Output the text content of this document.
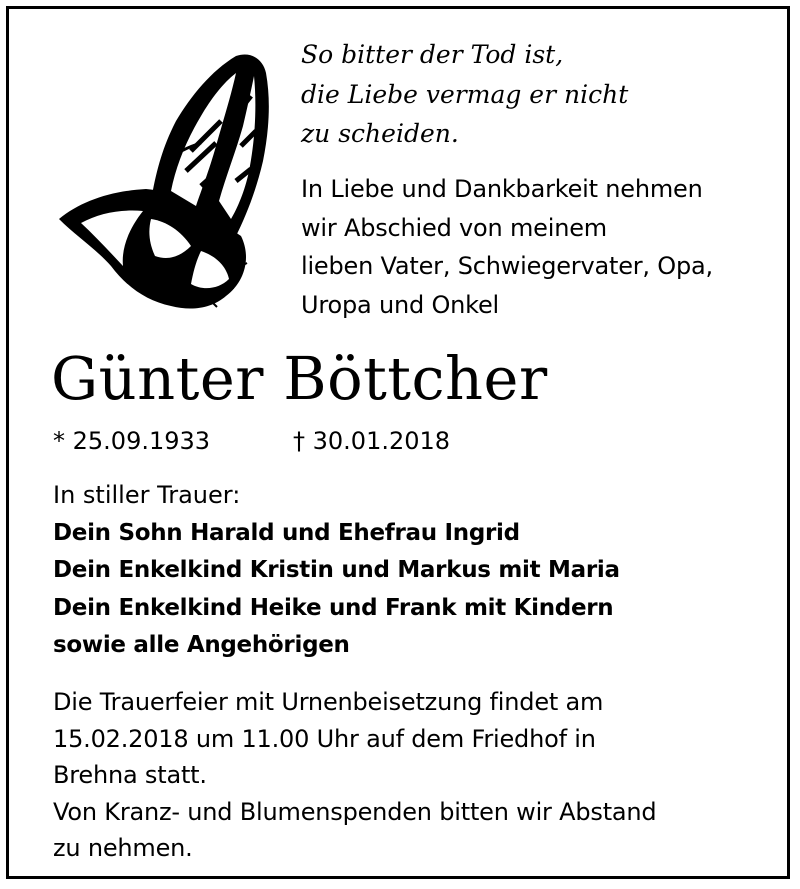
So bitter der Tod ist,
die Liebe vermag er nicht
zu scheiden.
In Liebe und Dankbarkeit nehmen
wir Abschied von meinem
lieben Vater, Schwiegervater, Opa,
Uropa und Onkel
Günter Böttcher
* 25.09.1933	† 30.01.2018
In stiller Trauer:
Dein Sohn Harald und Ehefrau Ingrid
Dein Enkelkind Kristin und Markus mit Maria
Dein Enkelkind Heike und Frank mit Kindern
sowie alle Angehörigen
Die Trauerfeier mit Urnenbeisetzung findet am
15.02.2018 um 11.00 Uhr auf dem Friedhof in
Brehna statt.
Von Kranz- und Blumenspenden bitten wir Abstand
zu nehmen.
